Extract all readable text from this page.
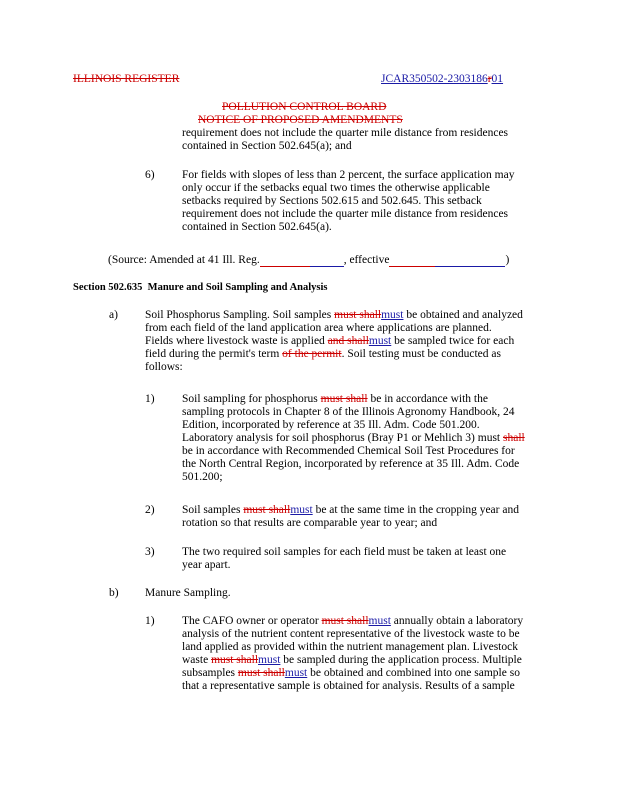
ILLINOIS REGISTER	JCAR350502-2303186r01
POLLUTION CONTROL BOARD
NOTICE OF PROPOSED AMENDMENTS
requirement does not include the quarter mile distance from residences
contained in Section 502.645(a); and
6) For fields with slopes of less than 2 percent, the surface application may
only occur if the setbacks equal two times the otherwise applicable
setbacks required by Sections 502.615 and 502.645. This setback
requirement does not include the quarter mile distance from residences
contained in Section 502.645(a).
(Source: Amended at 41 Ill. Reg.	, effective	)
Section 502.635 Manure and Soil Sampling and Analysis
a) Soil Phosphorus Sampling. Soil samples must shallmust be obtained and analyzed
from each field of the land application area where applications are planned.
Fields where livestock waste is applied and shallmust be sampled twice for each
field during the permit's term of the permit. Soil testing must be conducted as
follows:
1) Soil sampling for phosphorus must shall be in accordance with the
sampling protocols in Chapter 8 of the Illinois Agronomy Handbook, 24
Edition, incorporated by reference at 35 Ill. Adm. Code 501.200.
Laboratory analysis for soil phosphorus (Bray P1 or Mehlich 3) must shall
be in accordance with Recommended Chemical Soil Test Procedures for
the North Central Region, incorporated by reference at 35 Ill. Adm. Code
501.200;
2) Soil samples must shallmust be at the same time in the cropping year and
rotation so that results are comparable year to year; and
3) The two required soil samples for each field must be taken at least one
year apart.
b) Manure Sampling.
1) The CAFO owner or operator must shallmust annually obtain a laboratory
analysis of the nutrient content representative of the livestock waste to be
land applied as provided within the nutrient management plan. Livestock
waste must shallmust be sampled during the application process. Multiple
subsamples must shallmust be obtained and combined into one sample so
that a representative sample is obtained for analysis. Results of a sample
